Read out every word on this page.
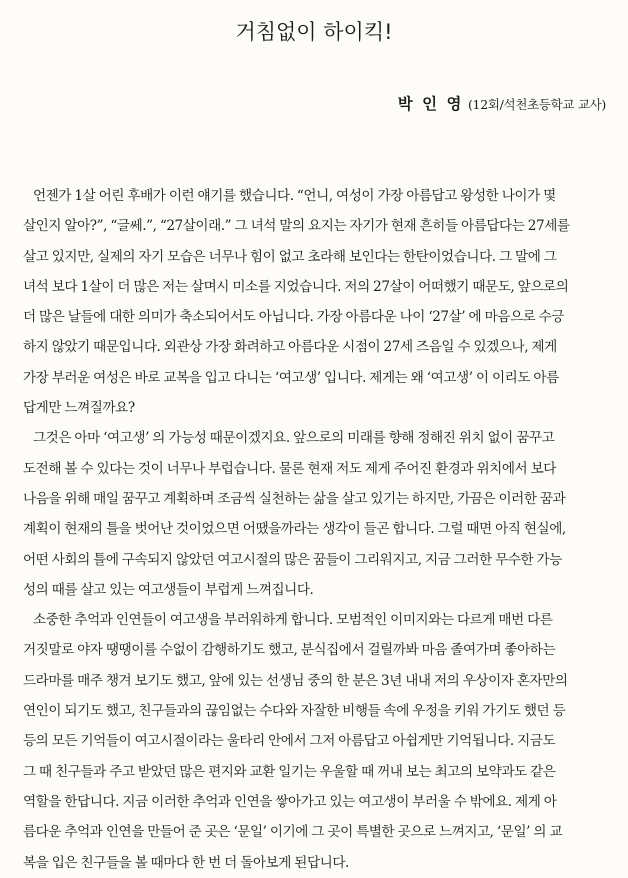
거침없이 하이킥!
박 인 영 (12회/석천초등학교 교사)
언젠가 1살 어린 후배가 이런 얘기를 했습니다. “언니, 여성이 가장 아름답고 왕성한 나이가 몇
살인지 알아?”, “글쎄.”, “27살이래.” 그 녀석 말의 요지는 자기가 현재 흔히들 아름답다는 27세를
살고 있지만, 실제의 자기 모습은 너무나 힘이 없고 초라해 보인다는 한탄이었습니다. 그 말에 그
녀석 보다 1살이 더 많은 저는 살며시 미소를 지었습니다. 저의 27살이 어떠했기 때문도, 앞으로의
더 많은 날들에 대한 의미가 축소되어서도 아닙니다. 가장 아름다운 나이 ‘27살’ 에 마음으로 수긍
하지 않았기 때문입니다. 외관상 가장 화려하고 아름다운 시점이 27세 즈음일 수 있겠으나, 제게
가장 부러운 여성은 바로 교복을 입고 다니는 ‘여고생’ 입니다. 제게는 왜 ‘여고생’ 이 이리도 아름
답게만 느껴질까요?
그것은 아마 ‘여고생’ 의 가능성 때문이겠지요. 앞으로의 미래를 향해 정해진 위치 없이 꿈꾸고
도전해 볼 수 있다는 것이 너무나 부럽습니다. 물론 현재 저도 제게 주어진 환경과 위치에서 보다
나음을 위해 매일 꿈꾸고 계획하며 조금씩 실천하는 삶을 살고 있기는 하지만, 가끔은 이러한 꿈과
계획이 현재의 틀을 벗어난 것이었으면 어땠을까라는 생각이 들곤 합니다. 그럴 때면 아직 현실에,
어떤 사회의 틀에 구속되지 않았던 여고시절의 많은 꿈들이 그리워지고, 지금 그러한 무수한 가능
성의 때를 살고 있는 여고생들이 부럽게 느껴집니다.
소중한 추억과 인연들이 여고생을 부러워하게 합니다. 모범적인 이미지와는 다르게 매번 다른
거짓말로 야자 땡땡이를 수없이 감행하기도 했고, 분식집에서 걸릴까봐 마음 졸여가며 좋아하는
드라마를 매주 챙겨 보기도 했고, 앞에 있는 선생님 중의 한 분은 3년 내내 저의 우상이자 혼자만의
연인이 되기도 했고, 친구들과의 끊임없는 수다와 자잘한 비행들 속에 우정을 키워 가기도 했던 등
등의 모든 기억들이 여고시절이라는 울타리 안에서 그저 아름답고 아쉽게만 기억됩니다. 지금도
그 때 친구들과 주고 받았던 많은 편지와 교환 일기는 우울할 때 꺼내 보는 최고의 보약과도 같은
역할을 한답니다. 지금 이러한 추억과 인연을 쌓아가고 있는 여고생이 부러울 수 밖에요. 제게 아
름다운 추억과 인연을 만들어 준 곳은 ‘문일’ 이기에 그 곳이 특별한 곳으로 느껴지고, ‘문일’ 의 교
복을 입은 친구들을 볼 때마다 한 번 더 돌아보게 된답니다.
